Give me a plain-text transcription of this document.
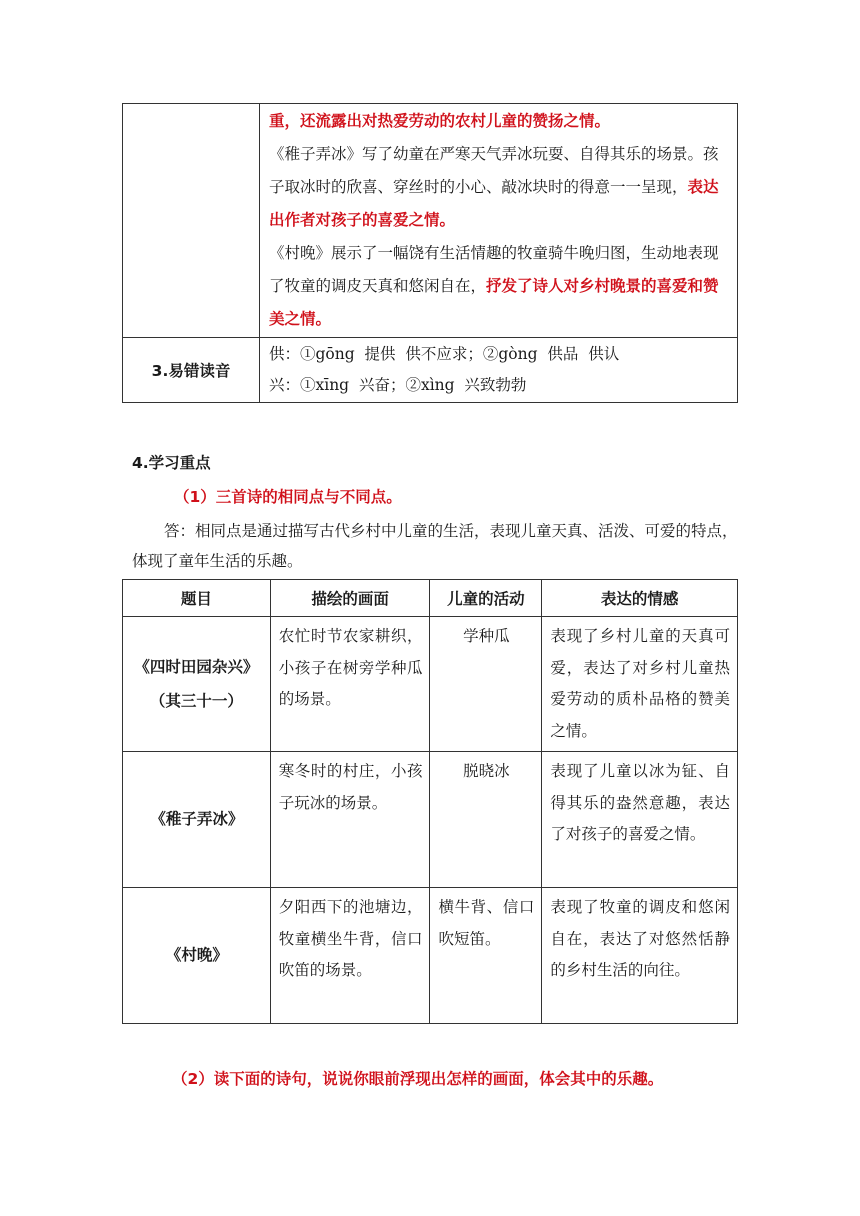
	重，还流露出对热爱劳动的农村儿童的赞扬之情。

《稚子弄冰》写了幼童在严寒天气弄冰玩耍、自得其乐的场景。孩子取冰时的欣喜、穿丝时的小心、敲冰块时的得意一一呈现，表达出作者对孩子的喜爱之情。

《村晚》展示了一幅饶有生活情趣的牧童骑牛晚归图，生动地表现了牧童的调皮天真和悠闲自在，抒发了诗人对乡村晚景的喜爱和赞美之情。

3.易错读音	供：①gōng  提供  供不应求；②gòng  供品  供认

兴：①xīng  兴奋；②xìng  兴致勃勃

4.学习重点

（1）三首诗的相同点与不同点。

答：相同点是通过描写古代乡村中儿童的生活，表现儿童天真、活泼、可爱的特点，体现了童年生活的乐趣。

题目	描绘的画面	儿童的活动	表达的情感
《四时田园杂兴》（其三十一）	农忙时节农家耕织，小孩子在树旁学种瓜的场景。	学种瓜	表现了乡村儿童的天真可爱，表达了对乡村儿童热爱劳动的质朴品格的赞美之情。
《稚子弄冰》	寒冬时的村庄，小孩子玩冰的场景。	脱晓冰	表现了儿童以冰为钲、自得其乐的盎然意趣，表达了对孩子的喜爱之情。
《村晚》	夕阳西下的池塘边，牧童横坐牛背，信口吹笛的场景。	横牛背、信口吹短笛。	表现了牧童的调皮和悠闲自在，表达了对悠然恬静的乡村生活的向往。

（2）读下面的诗句，说说你眼前浮现出怎样的画面，体会其中的乐趣。
